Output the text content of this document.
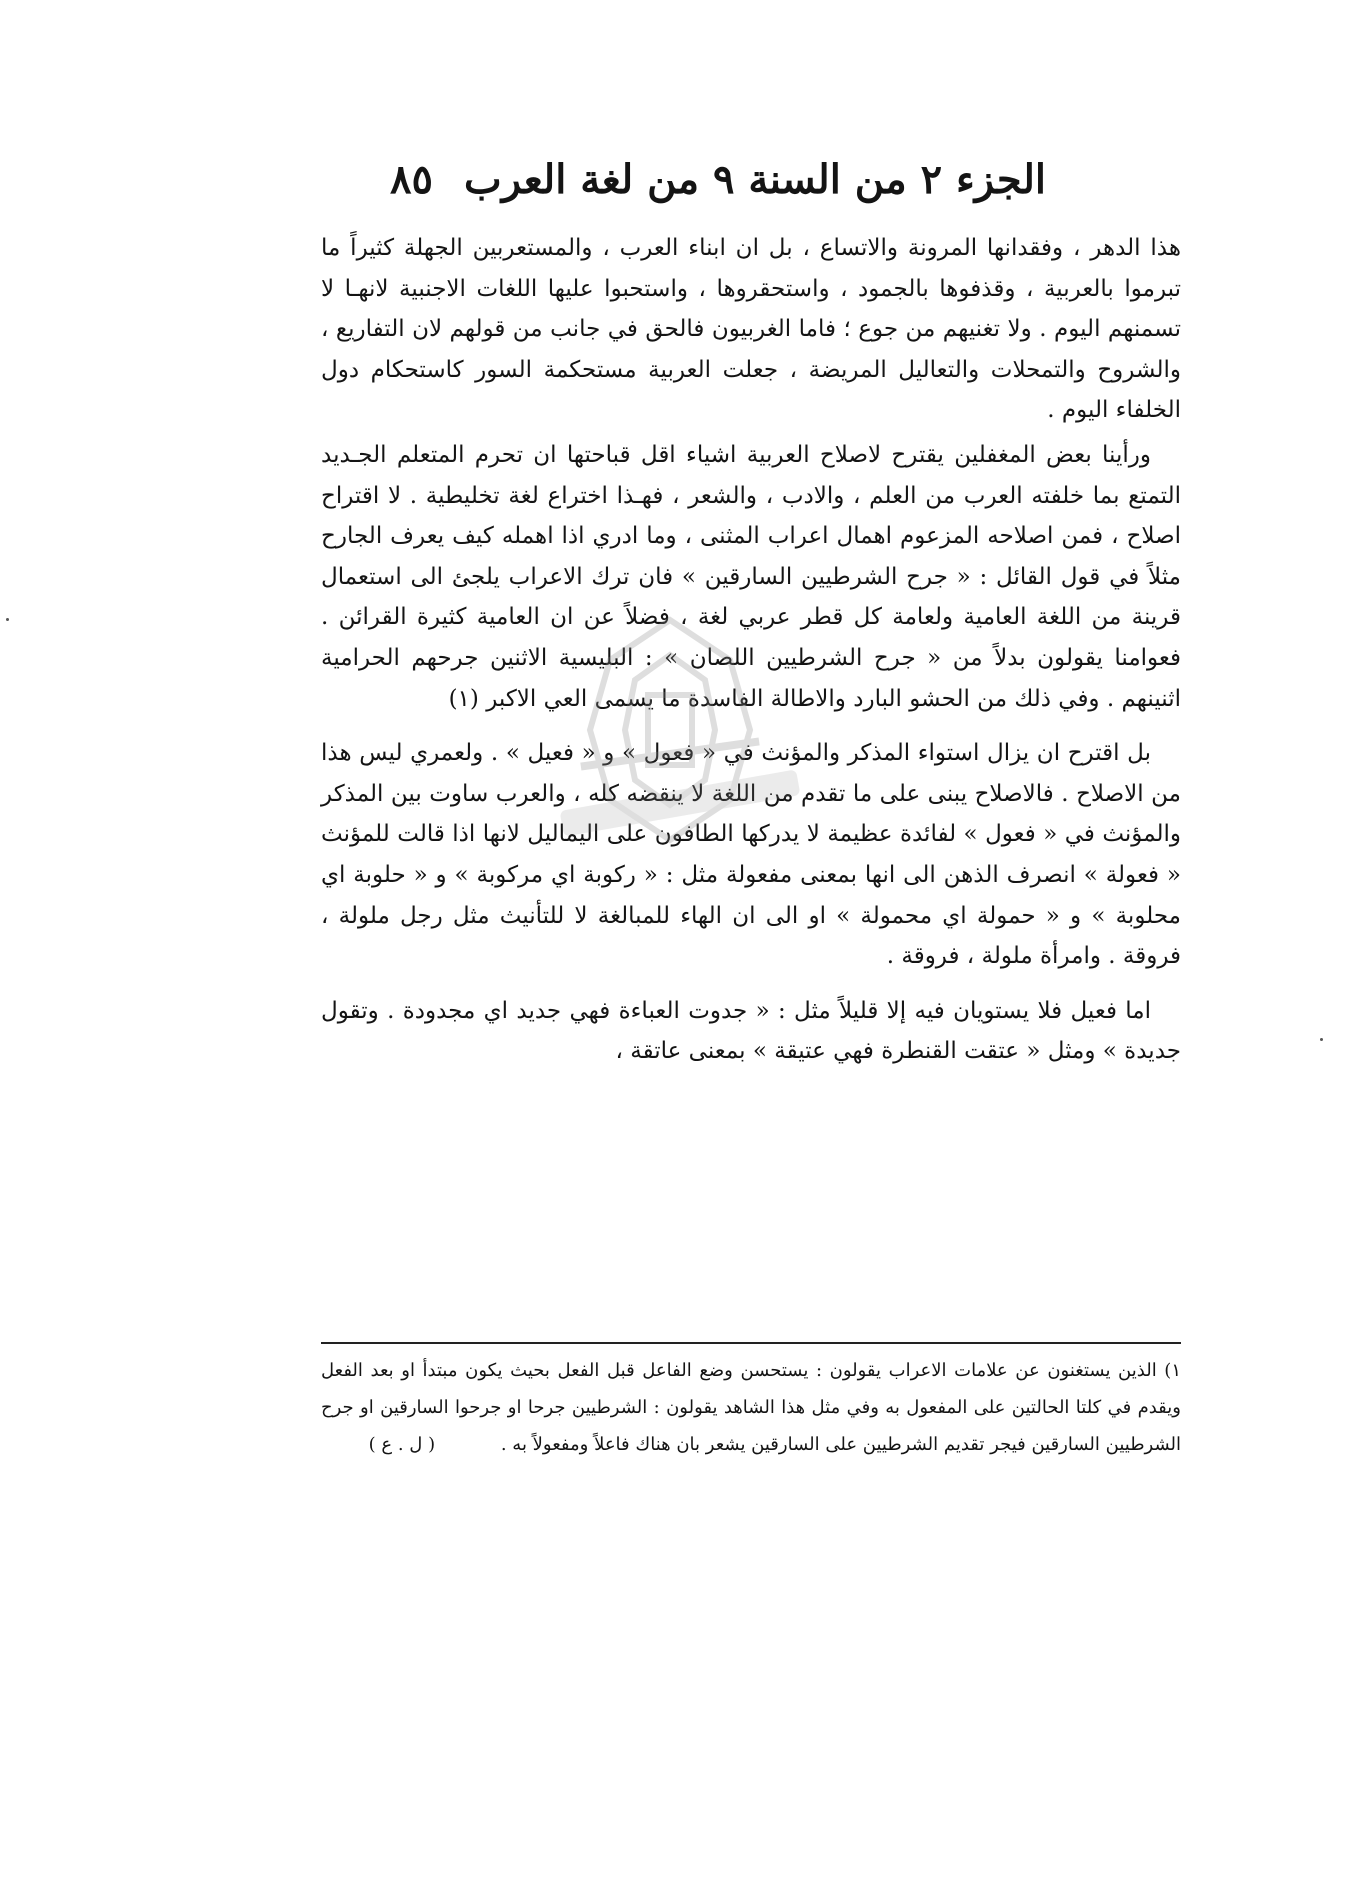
الجزء ٢ من السنة ٩ من لغة العرب
٨٥

هذا الدهر ، وفقدانها المرونة والاتساع ، بل ان ابناء العرب ، والمستعربين الجهلة كثيراً ما تبرموا بالعربية ، وقذفوها بالجمود ، واستحقروها ، واستحبوا عليها اللغات الاجنبية لانهـا لا تسمنهم اليوم . ولا تغنيهم من جوع ؛ فاما الغربيون فالحق في جانب من قولهم لان التفاريع ، والشروح والتمحلات والتعاليل المريضة ، جعلت العربية مستحكمة السور كاستحكام دول الخلفاء اليوم .

ورأينا بعض المغفلين يقترح لاصلاح العربية اشياء اقل قباحتها ان تحرم المتعلم الجـديد التمتع بما خلفته العرب من العلم ، والادب ، والشعر ، فهـذا اختراع لغة تخليطية . لا اقتراح اصلاح ، فمن اصلاحه المزعوم اهمال اعراب المثنى ، وما ادري اذا اهمله كيف يعرف الجارح مثلاً في قول القائل : « جرح الشرطيين السارقين » فان ترك الاعراب يلجئ الى استعمال قرينة من اللغة العامية ولعامة كل قطر عربي لغة ، فضلاً عن ان العامية كثيرة القرائن . فعوامنا يقولون بدلاً من « جرح الشرطيين اللصان » : البليسية الاثنين جرحهم الحرامية اثنينهم . وفي ذلك من الحشو البارد والاطالة الفاسدة ما يسمى العي الاكبر (١)

بل اقترح ان يزال استواء المذكر والمؤنث في « فعول » و « فعيل » . ولعمري ليس هذا من الاصلاح . فالاصلاح يبنى على ما تقدم من اللغة لا ينقضه كله ، والعرب ساوت بين المذكر والمؤنث في « فعول » لفائدة عظيمة لا يدركها الطافون على اليماليل لانها اذا قالت للمؤنث « فعولة » انصرف الذهن الى انها بمعنى مفعولة مثل : « ركوبة اي مركوبة » و « حلوبة اي محلوبة » و « حمولة اي محمولة » او الى ان الهاء للمبالغة لا للتأنيث مثل رجل ملولة ، فروقة . وامرأة ملولة ، فروقة .

اما فعيل فلا يستويان فيه إلا قليلاً مثل : « جدوت العباءة فهي جديد اي مجدودة . وتقول جديدة » ومثل « عتقت القنطرة فهي عتيقة » بمعنى عاتقة ،

١) الذين يستغنون عن علامات الاعراب يقولون : يستحسن وضع الفاعل قبل الفعل بحيث يكون مبتدأ او بعد الفعل ويقدم في كلتا الحالتين على المفعول به وفي مثل هذا الشاهد يقولون : الشرطيين جرحا او جرحوا السارقين او جرح الشرطيين السارقين فيجر تقديم الشرطيين على السارقين يشعر بان هناك فاعلاً ومفعولاً به . ( ل . ع )
